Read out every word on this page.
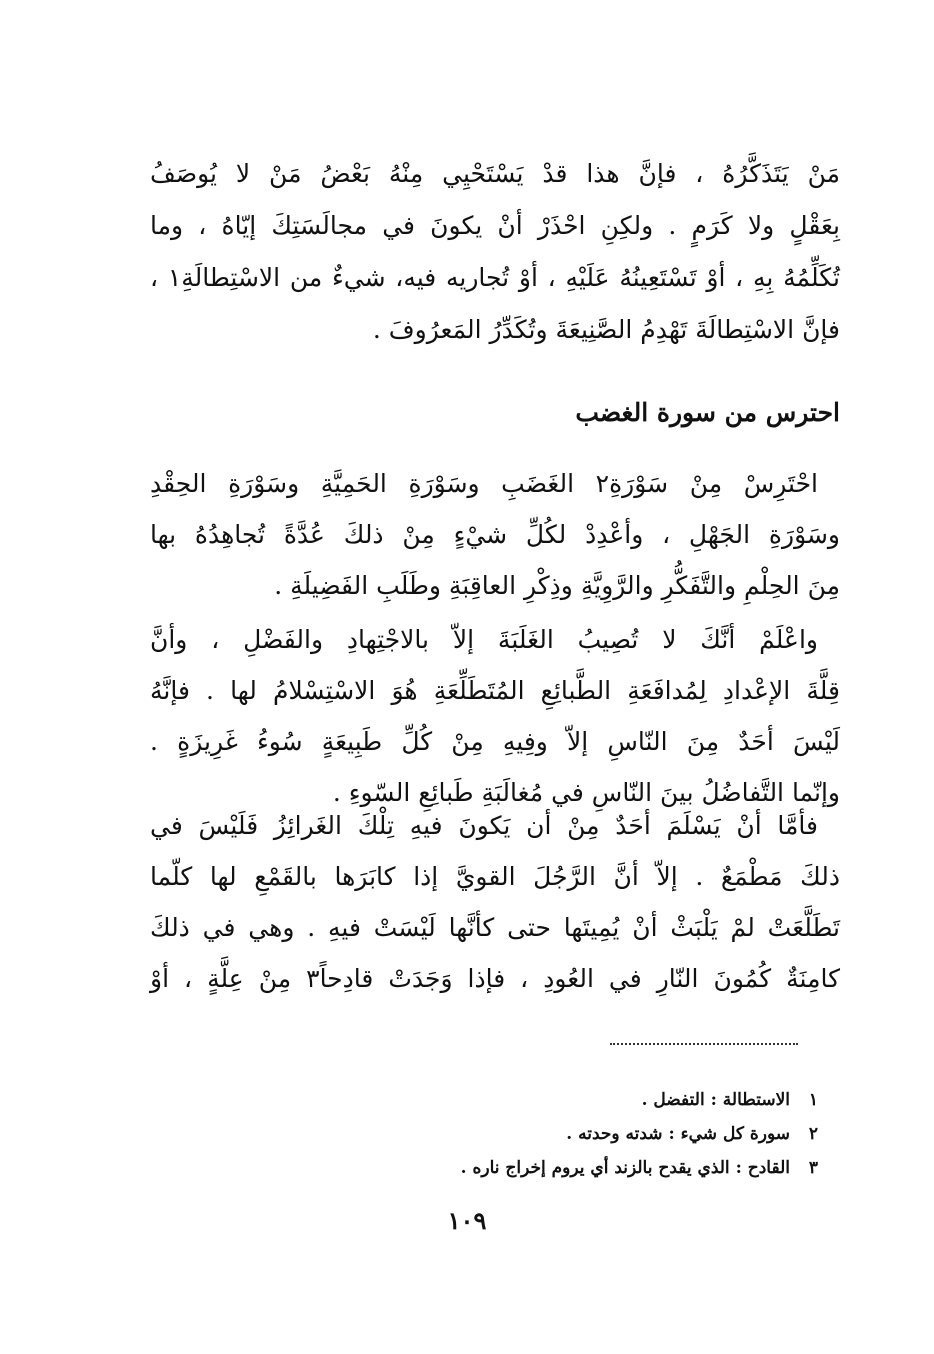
مَنْ يَتَذَكَّرُهُ ، فإنَّ هذا قدْ يَسْتَحْيِي مِنْهُ بَعْضُ مَنْ لا يُوصَفُ
بِعَقْلٍ ولا كَرَمٍ . ولكِنِ احْذَرْ أنْ يكونَ في مجالَسَتِكَ إيّاهُ ، وما
تُكَلِّمُهُ بِهِ ، أوْ تَسْتَعِينُهُ عَلَيْهِ ، أوْ تُجاريه فيه، شيءٌ من الاسْتِطالَةِ١ ،
فإنَّ الاسْتِطالَةَ تَهْدِمُ الصَّنِيعَةَ وتُكَدِّرُ المَعرُوفَ .
احترس من سورة الغضب
احْتَرِسْ مِنْ سَوْرَةِ٢ الغَضَبِ وسَوْرَةِ الحَمِيَّةِ وسَوْرَةِ الحِقْدِ
وسَوْرَةِ الجَهْلِ ، وأعْدِدْ لكُلِّ شيْءٍ مِنْ ذلكَ عُدَّةً تُجاهِدُهُ بها
مِنَ الحِلْمِ والتَّفَكُّرِ والرَّوِيَّةِ وذِكْرِ العاقِبَةِ وطَلَبِ الفَضِيلَةِ .
واعْلَمْ أنَّكَ لا تُصِيبُ الغَلَبَةَ إلاّ بالاجْتِهادِ والفَضْلِ ، وأنَّ
قِلَّةَ الإعْدادِ لِمُدافَعَةِ الطَّبائِعِ المُتَطَلِّعَةِ هُوَ الاسْتِسْلامُ لها . فإنَّهُ
لَيْسَ أحَدٌ مِنَ النّاسِ إلاّ وفِيهِ مِنْ كُلِّ طَبِيعَةٍ سُوءُ غَرِيزَةٍ .
وإنّما التَّفاضُلُ بينَ النّاسِ في مُغالَبَةِ طَبائِعِ السّوءِ .
فأمَّا أنْ يَسْلَمَ أحَدٌ مِنْ أن يَكونَ فيهِ تِلْكَ الغَرائِزُ فَلَيْسَ في
ذلكَ مَطْمَعٌ . إلاّ أنَّ الرَّجُلَ القويَّ إذا كابَرَها بالقَمْعِ لها كلّما
تَطَلَّعَتْ لمْ يَلْبَثْ أنْ يُمِيتَها حتى كأنَّها لَيْسَتْ فيهِ . وهي في ذلكَ
كامِنَةٌ كُمُونَ النّارِ في العُودِ ، فإذا وَجَدَتْ قادِحاً٣ مِنْ عِلَّةٍ ، أوْ
١الاستطالة : التفضل .
٢سورة كل شيء : شدته وحدته .
٣القادح : الذي يقدح بالزند أي يروم إخراج ناره .
١٠٩
